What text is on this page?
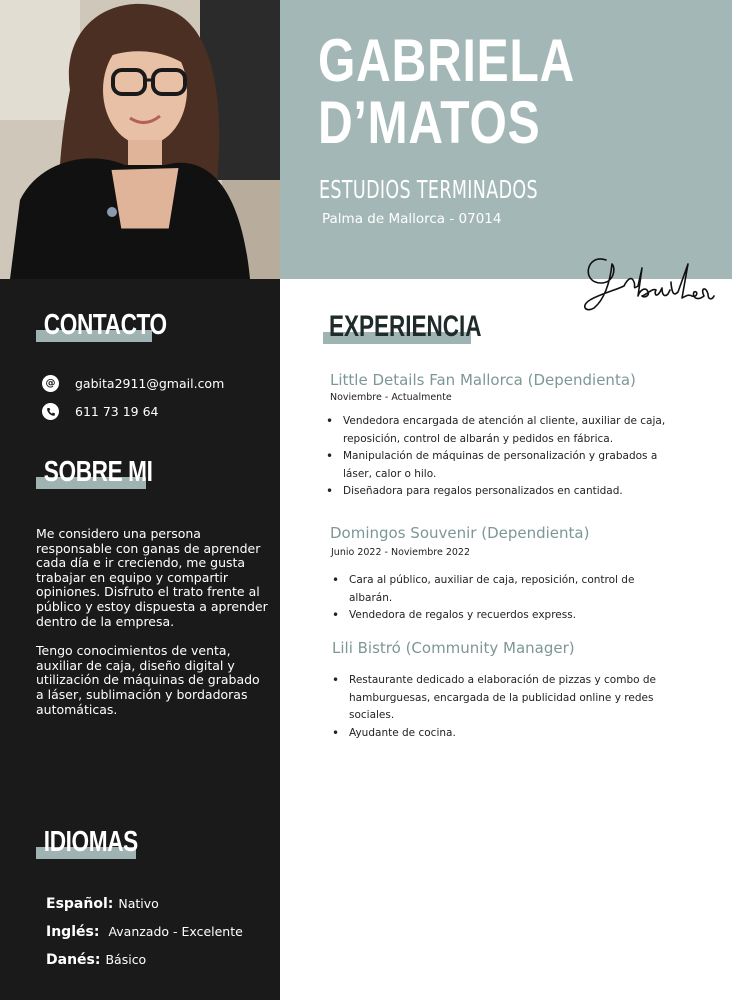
CONTACTO
@ gabita2911@gmail.com
611 73 19 64
SOBRE MI

Me considero una persona responsable con ganas de aprender cada día e ir creciendo, me gusta trabajar en equipo y compartir opiniones. Disfruto el trato frente al público y estoy dispuesta a aprender dentro de la empresa.

Tengo conocimientos de venta, auxiliar de caja, diseño digital y utilización de máquinas de grabado a láser, sublimación y bordadoras automáticas.

IDIOMAS
Español: Nativo
Inglés: Avanzado - Excelente
Danés: Básico
GABRIELA
D’MATOS
ESTUDIOS TERMINADOS
Palma de Mallorca - 07014
EXPERIENCIA
Little Details Fan Mallorca (Dependienta)
Noviembre - Actualmente
• Vendedora encargada de atención al cliente, auxiliar de caja, reposición, control de albarán y pedidos en fábrica.
• Manipulación de máquinas de personalización y grabados a láser, calor o hilo.
• Diseñadora para regalos personalizados en cantidad.
Domingos Souvenir (Dependienta)
Junio 2022 - Noviembre 2022
• Cara al público, auxiliar de caja, reposición, control de albarán.
• Vendedora de regalos y recuerdos express.
Lili Bistró (Community Manager)
• Restaurante dedicado a elaboración de pizzas y combo de hamburguesas, encargada de la publicidad online y redes sociales.
• Ayudante de cocina.
